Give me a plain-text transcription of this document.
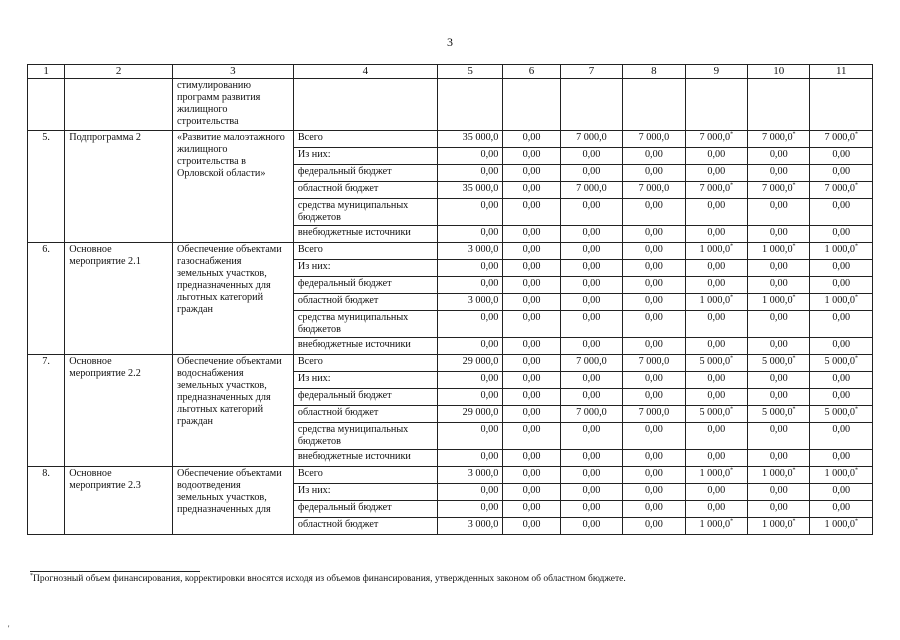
3
1	2	3	4	5	6	7	8	9	10	11
		стимулированию программ развития жилищного строительства								
5.	Подпрограмма 2	«Развитие малоэтажного жилищного строительства в Орловской области»	Всего	35 000,0	0,00	7 000,0	7 000,0	7 000,0*	7 000,0*	7 000,0*
			Из них:	0,00	0,00	0,00	0,00	0,00	0,00	0,00
			федеральный бюджет	0,00	0,00	0,00	0,00	0,00	0,00	0,00
			областной бюджет	35 000,0	0,00	7 000,0	7 000,0	7 000,0*	7 000,0*	7 000,0*
			средства муниципальных бюджетов	0,00	0,00	0,00	0,00	0,00	0,00	0,00
			внебюджетные источники	0,00	0,00	0,00	0,00	0,00	0,00	0,00
6.	Основное мероприятие 2.1	Обеспечение объектами газоснабжения земельных участков, предназначенных для льготных категорий граждан	Всего	3 000,0	0,00	0,00	0,00	1 000,0*	1 000,0*	1 000,0*
			Из них:	0,00	0,00	0,00	0,00	0,00	0,00	0,00
			федеральный бюджет	0,00	0,00	0,00	0,00	0,00	0,00	0,00
			областной бюджет	3 000,0	0,00	0,00	0,00	1 000,0*	1 000,0*	1 000,0*
			средства муниципальных бюджетов	0,00	0,00	0,00	0,00	0,00	0,00	0,00
			внебюджетные источники	0,00	0,00	0,00	0,00	0,00	0,00	0,00
7.	Основное мероприятие 2.2	Обеспечение объектами водоснабжения земельных участков, предназначенных для льготных категорий граждан	Всего	29 000,0	0,00	7 000,0	7 000,0	5 000,0*	5 000,0*	5 000,0*
			Из них:	0,00	0,00	0,00	0,00	0,00	0,00	0,00
			федеральный бюджет	0,00	0,00	0,00	0,00	0,00	0,00	0,00
			областной бюджет	29 000,0	0,00	7 000,0	7 000,0	5 000,0*	5 000,0*	5 000,0*
			средства муниципальных бюджетов	0,00	0,00	0,00	0,00	0,00	0,00	0,00
			внебюджетные источники	0,00	0,00	0,00	0,00	0,00	0,00	0,00
8.	Основное мероприятие 2.3	Обеспечение объектами водоотведения земельных участков, предназначенных для	Всего	3 000,0	0,00	0,00	0,00	1 000,0*	1 000,0*	1 000,0*
			Из них:	0,00	0,00	0,00	0,00	0,00	0,00	0,00
			федеральный бюджет	0,00	0,00	0,00	0,00	0,00	0,00	0,00
			областной бюджет	3 000,0	0,00	0,00	0,00	1 000,0*	1 000,0*	1 000,0*
*Прогнозный объем финансирования, корректировки вносятся исходя из объемов финансирования, утвержденных законом об областном бюджете.
'
